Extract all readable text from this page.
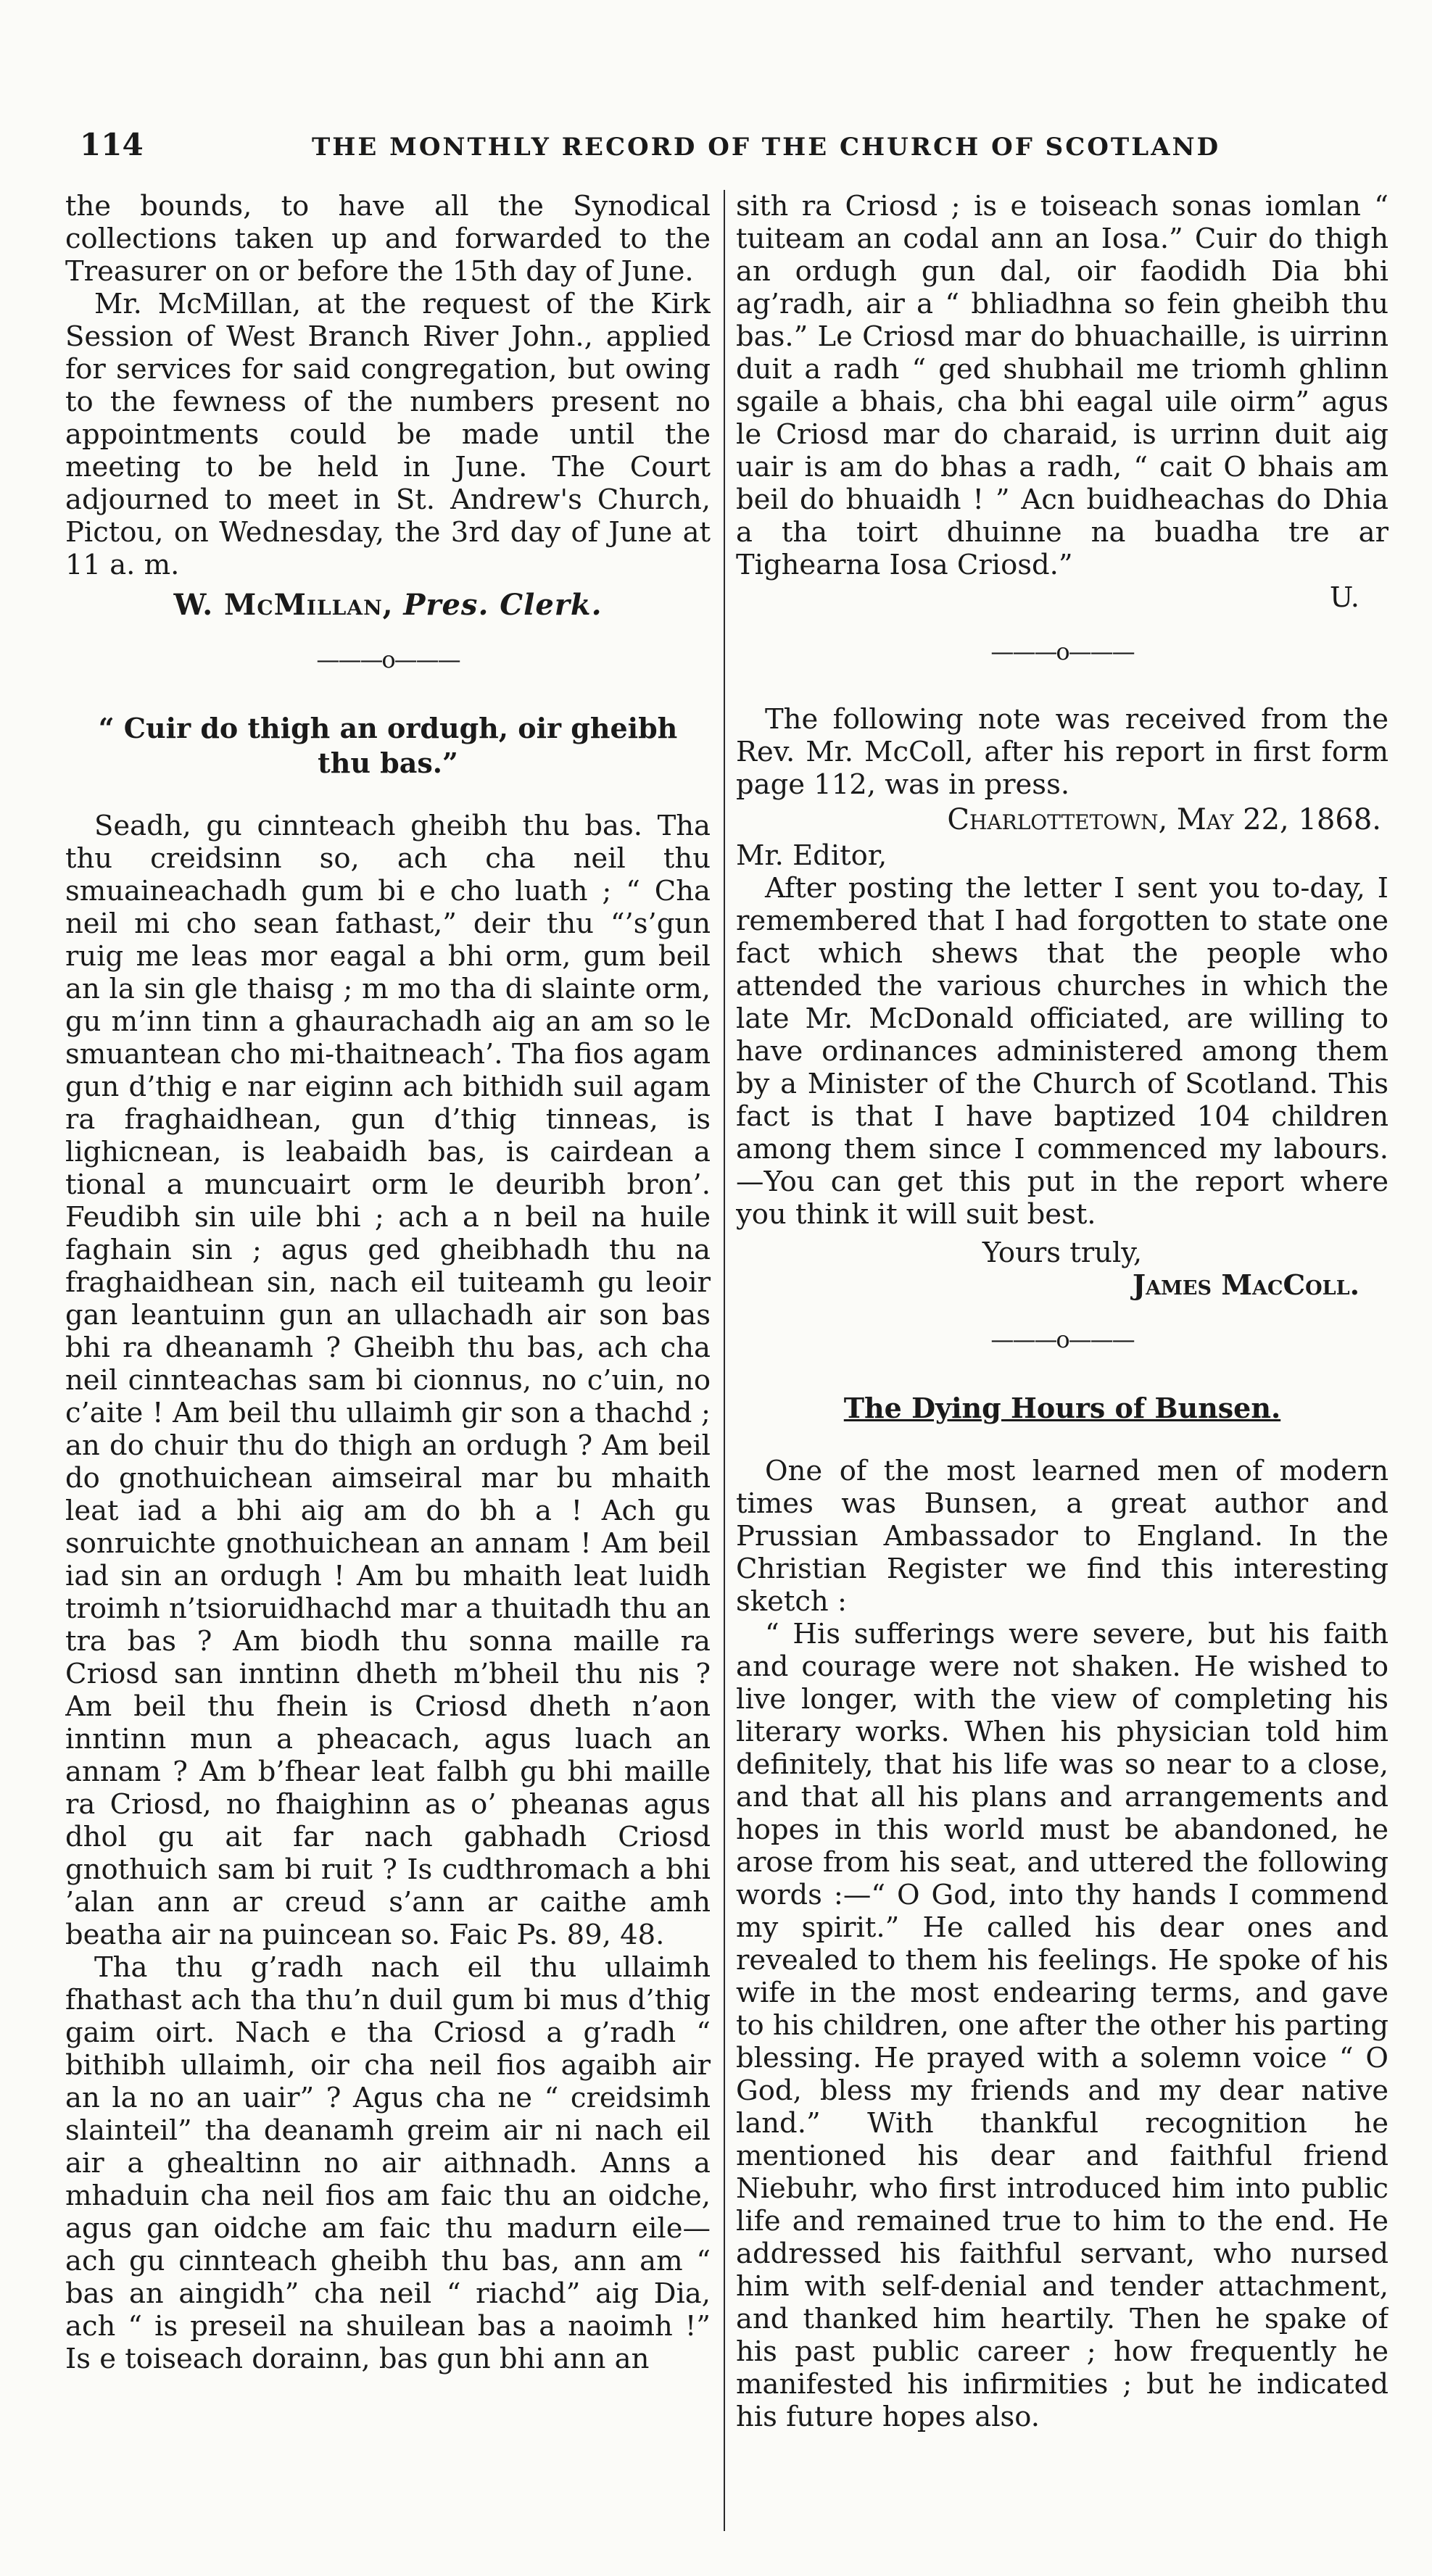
114	THE MONTHLY RECORD OF THE CHURCH OF SCOTLAND

the bounds, to have all the Synodical collections taken up and forwarded to the Treasurer on or before the 15th day of June.

Mr. McMillan, at the request of the Kirk Session of West Branch River John., applied for services for said congregation, but owing to the fewness of the numbers present no appointments could be made until the meeting to be held in June. The Court adjourned to meet in St. Andrew's Church, Pictou, on Wednesday, the 3rd day of June at 11 a. m.

W. McMillan, Pres. Clerk.
———o———
“ Cuir do thigh an ordugh, oir gheibh thu bas.”

Seadh, gu cinnteach gheibh thu bas. Tha thu creidsinn so, ach cha neil thu smuaineachadh gum bi e cho luath ; “ Cha neil mi cho sean fathast,” deir thu “’s’gun ruig me leas mor eagal a bhi orm, gum beil an la sin gle thaisg ; m mo tha di slainte orm, gu m’inn tinn a ghaurachadh aig an am so le smuantean cho mi-thaitneach’. Tha fios agam gun d’thig e nar eiginn ach bithidh suil agam ra fraghaidhean, gun d’thig tinneas, is lighicnean, is leabaidh bas, is cairdean a tional a muncuairt orm le deuribh bron’. Feudibh sin uile bhi ; ach a n beil na huile faghain sin ; agus ged gheibhadh thu na fraghaidhean sin, nach eil tuiteamh gu leoir gan leantuinn gun an ullachadh air son bas bhi ra dheanamh ? Gheibh thu bas, ach cha neil cinnteachas sam bi cionnus, no c’uin, no c’aite ! Am beil thu ullaimh gir son a thachd ; an do chuir thu do thigh an ordugh ? Am beil do gnothuichean aimseiral mar bu mhaith leat iad a bhi aig am do bh a ! Ach gu sonruichte gnothuichean an annam ! Am beil iad sin an ordugh ! Am bu mhaith leat luidh troimh n’tsioruidhachd mar a thuitadh thu an tra bas ? Am biodh thu sonna maille ra Criosd san inntinn dheth m’bheil thu nis ? Am beil thu fhein is Criosd dheth n’aon inntinn mun a pheacach, agus luach an annam ? Am b’fhear leat falbh gu bhi maille ra Criosd, no fhaighinn as o’ pheanas agus dhol gu ait far nach gabhadh Criosd gnothuich sam bi ruit ? Is cudthromach a bhi ’alan ann ar creud s’ann ar caithe amh beatha air na puincean so. Faic Ps. 89, 48.

Tha thu g’radh nach eil thu ullaimh fhathast ach tha thu’n duil gum bi mus d’thig gaim oirt. Nach e tha Criosd a g’radh “ bithibh ullaimh, oir cha neil fios agaibh air an la no an uair” ? Agus cha ne “ creidsimh slainteil” tha deanamh greim air ni nach eil air a ghealtinn no air aithnadh. Anns a mhaduin cha neil fios am faic thu an oidche, agus gan oidche am faic thu madurn eile— ach gu cinnteach gheibh thu bas, ann am “ bas an aingidh” cha neil “ riachd” aig Dia, ach “ is preseil na shuilean bas a naoimh !” Is e toiseach dorainn, bas gun bhi ann an

sith ra Criosd ; is e toiseach sonas iomlan “ tuiteam an codal ann an Iosa.” Cuir do thigh an ordugh gun dal, oir faodidh Dia bhi ag’radh, air a “ bhliadhna so fein gheibh thu bas.” Le Criosd mar do bhuachaille, is uirrinn duit a radh “ ged shubhail me triomh ghlinn sgaile a bhais, cha bhi eagal uile oirm” agus le Criosd mar do charaid, is urrinn duit aig uair is am do bhas a radh, “ cait O bhais am beil do bhuaidh ! ” Acn buidheachas do Dhia a tha toirt dhuinne na buadha tre ar Tighearna Iosa Criosd.”

U.

———o———

The following note was received from the Rev. Mr. McColl, after his report in first form page 112, was in press.

Charlottetown, May 22, 1868.

Mr. Editor,

After posting the letter I sent you to-day, I remembered that I had forgotten to state one fact which shews that the people who attended the various churches in which the late Mr. McDonald officiated, are willing to have ordinances administered among them by a Minister of the Church of Scotland. This fact is that I have baptized 104 children among them since I commenced my labours.—You can get this put in the report where you think it will suit best.

Yours truly,
James MacColl.
———o———
The Dying Hours of Bunsen.

One of the most learned men of modern times was Bunsen, a great author and Prussian Ambassador to England. In the Christian Register we find this interesting sketch :

“ His sufferings were severe, but his faith and courage were not shaken. He wished to live longer, with the view of completing his literary works. When his physician told him definitely, that his life was so near to a close, and that all his plans and arrangements and hopes in this world must be abandoned, he arose from his seat, and uttered the following words :—“ O God, into thy hands I commend my spirit.” He called his dear ones and revealed to them his feelings. He spoke of his wife in the most endearing terms, and gave to his children, one after the other his parting blessing. He prayed with a solemn voice “ O God, bless my friends and my dear native land.” With thankful recognition he mentioned his dear and faithful friend Niebuhr, who first introduced him into public life and remained true to him to the end. He addressed his faithful servant, who nursed him with self-denial and tender attachment, and thanked him heartily. Then he spake of his past public career ; how frequently he manifested his infirmities ; but he indicated his future hopes also.
